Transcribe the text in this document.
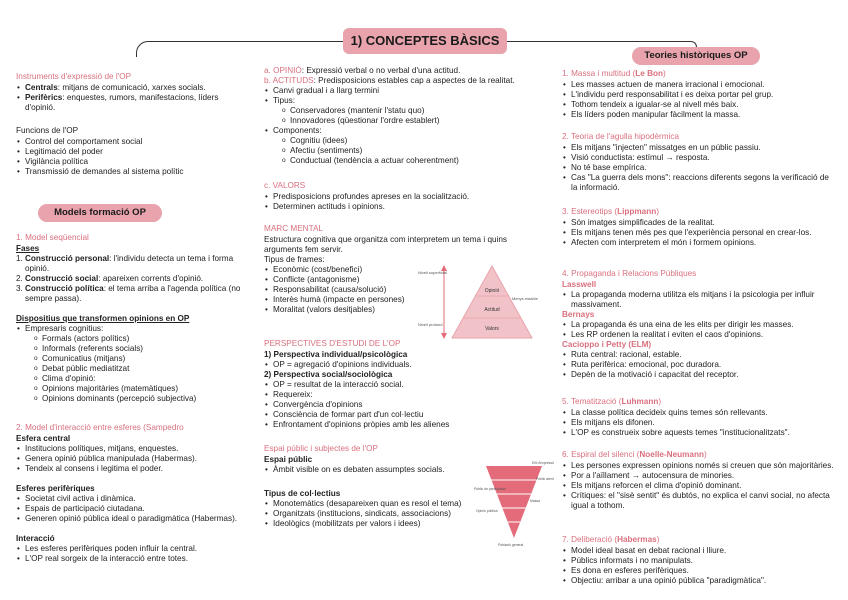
1) CONCEPTES BÀSICS
Teories històriques OP
Models formació OP
Instruments d'expressió de l'OP
• Centrals: mitjans de comunicació, xarxes socials.
• Perifèrics: enquestes, rumors, manifestacions, líders d'opinió.
Funcions de l'OP
• Control del comportament social
• Legitimació del poder
• Vigilància política
• Transmissió de demandes al sistema polític
1. Model seqüencial
Fases
1. Construcció personal: l'individu detecta un tema i forma opinió.
2. Construcció social: apareixen corrents d'opinió.
3. Construcció política: el tema arriba a l'agenda política (no sempre passa).
Dispositius que transformen opinions en OP
• Empresaris cognitius:
o Formals (actors polítics)
o Informals (referents socials)
o Comunicatius (mitjans)
o Debat públic mediatitzat
o Clima d'opinió:
o Opinions majoritàries (matemàtiques)
o Opinions dominants (percepció subjectiva)
2. Model d'interacció entre esferes (Sampedro
Esfera central
• Institucions polítiques, mitjans, enquestes.
• Genera opinió pública manipulada (Habermas).
• Tendeix al consens i legitima el poder.
Esferes perifèriques
• Societat civil activa i dinàmica.
• Espais de participació ciutadana.
• Generen opinió pública ideal o paradigmàtica (Habermas).
Interacció
• Les esferes perifèriques poden influir la central.
• L'OP real sorgeix de la interacció entre totes.
a. OPINIÓ: Expressió verbal o no verbal d'una actitud.
b. ACTITUDS: Predisposicions estables cap a aspectes de la realitat.
• Canvi gradual i a llarg termini
• Tipus:
o Conservadores (mantenir l'statu quo)
o Innovadores (qüestionar l'ordre establert)
• Components:
o Cognitiu (idees)
o Afectiu (sentiments)
o Conductual (tendència a actuar coherentment)
c. VALORS
• Predisposicions profundes apreses en la socialització.
• Determinen actituds i opinions.
MARC MENTAL
Estructura cognitiva que organitza com interpretem un tema i quins arguments fem servir.
Tipus de frames:
• Econòmic (cost/benefici)
• Conflicte (antagonisme)
• Responsabilitat (causa/solució)
• Interès humà (impacte en persones)
• Moralitat (valors desitjables)
Opinió
Actitud
Valors
Nivell superficial
Nivell profund
Menys estable
PERSPECTIVES D'ESTUDI DE L'OP
1) Perspectiva individual/psicològica
• OP = agregació d'opinions individuals.
2) Perspectiva social/sociològica
• OP = resultat de la interacció social.
• Requereix:
• Convergència d'opinions
• Consciència de formar part d'un col·lectiu
• Enfrontament d'opinions pròpies amb les alienes
Espai públic i subjectes de l'OP
Espai públic
• Àmbit visible on es debaten assumptes socials.
Tipus de col·lectius
• Monotemàtics (desapareixen quan es resol el tema)
• Organitzats (institucions, sindicats, associacions)
• Ideològics (mobilitzats per valors i idees)
Elit d'expressió
Públic atent
Públic de participació
Massa
Opinió pública
Població general
1. Massa i multitud (Le Bon)
• Les masses actuen de manera irracional i emocional.
• L'individu perd responsabilitat i es deixa portar pel grup.
• Tothom tendeix a igualar-se al nivell més baix.
• Els líders poden manipular fàcilment la massa.
2. Teoria de l'agulla hipodèrmica
• Els mitjans "injecten" missatges en un públic passiu.
• Visió conductista: estímul → resposta.
• No té base empírica.
• Cas "La guerra dels mons": reaccions diferents segons la verificació de la informació.
3. Estereotips (Lippmann)
• Són imatges simplificades de la realitat.
• Els mitjans tenen més pes que l'experiència personal en crear-los.
• Afecten com interpretem el món i formem opinions.
4. Propaganda i Relacions Públiques
Lasswell
• La propaganda moderna utilitza els mitjans i la psicologia per influir massivament.
Bernays
• La propaganda és una eina de les elits per dirigir les masses.
• Les RP ordenen la realitat i eviten el caos d'opinions.
Cacioppo i Petty (ELM)
• Ruta central: racional, estable.
• Ruta perifèrica: emocional, poc duradora.
• Depèn de la motivació i capacitat del receptor.
5. Tematització (Luhmann)
• La classe política decideix quins temes són rellevants.
• Els mitjans els difonen.
• L'OP es construeix sobre aquests temes "institucionalitzats".
6. Espiral del silenci (Noelle-Neumann)
• Les persones expressen opinions només si creuen que són majoritàries.
• Por a l'aïllament → autocensura de minories.
• Els mitjans reforcen el clima d'opinió dominant.
• Crítiques: el "sisè sentit" és dubtós, no explica el canvi social, no afecta igual a tothom.
7. Deliberació (Habermas)
• Model ideal basat en debat racional i lliure.
• Públics informats i no manipulats.
• Es dona en esferes perifèriques.
• Objectiu: arribar a una opinió pública "paradigmàtica".
